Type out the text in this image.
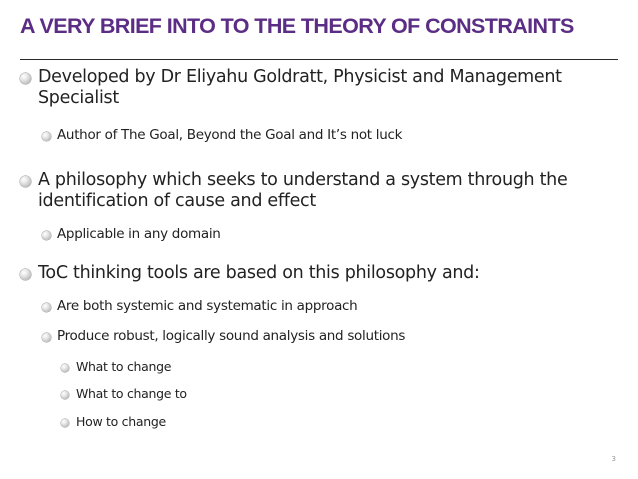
A VERY BRIEF INTO TO THE THEORY OF CONSTRAINTS
Developed by Dr Eliyahu Goldratt, Physicist and Management Specialist
Author of The Goal, Beyond the Goal and It’s not luck
A philosophy which seeks to understand a system through the identification of cause and effect
Applicable in any domain
ToC thinking tools are based on this philosophy and:
Are both systemic and systematic in approach
Produce robust, logically sound analysis and solutions
What to change
What to change to
How to change
3
